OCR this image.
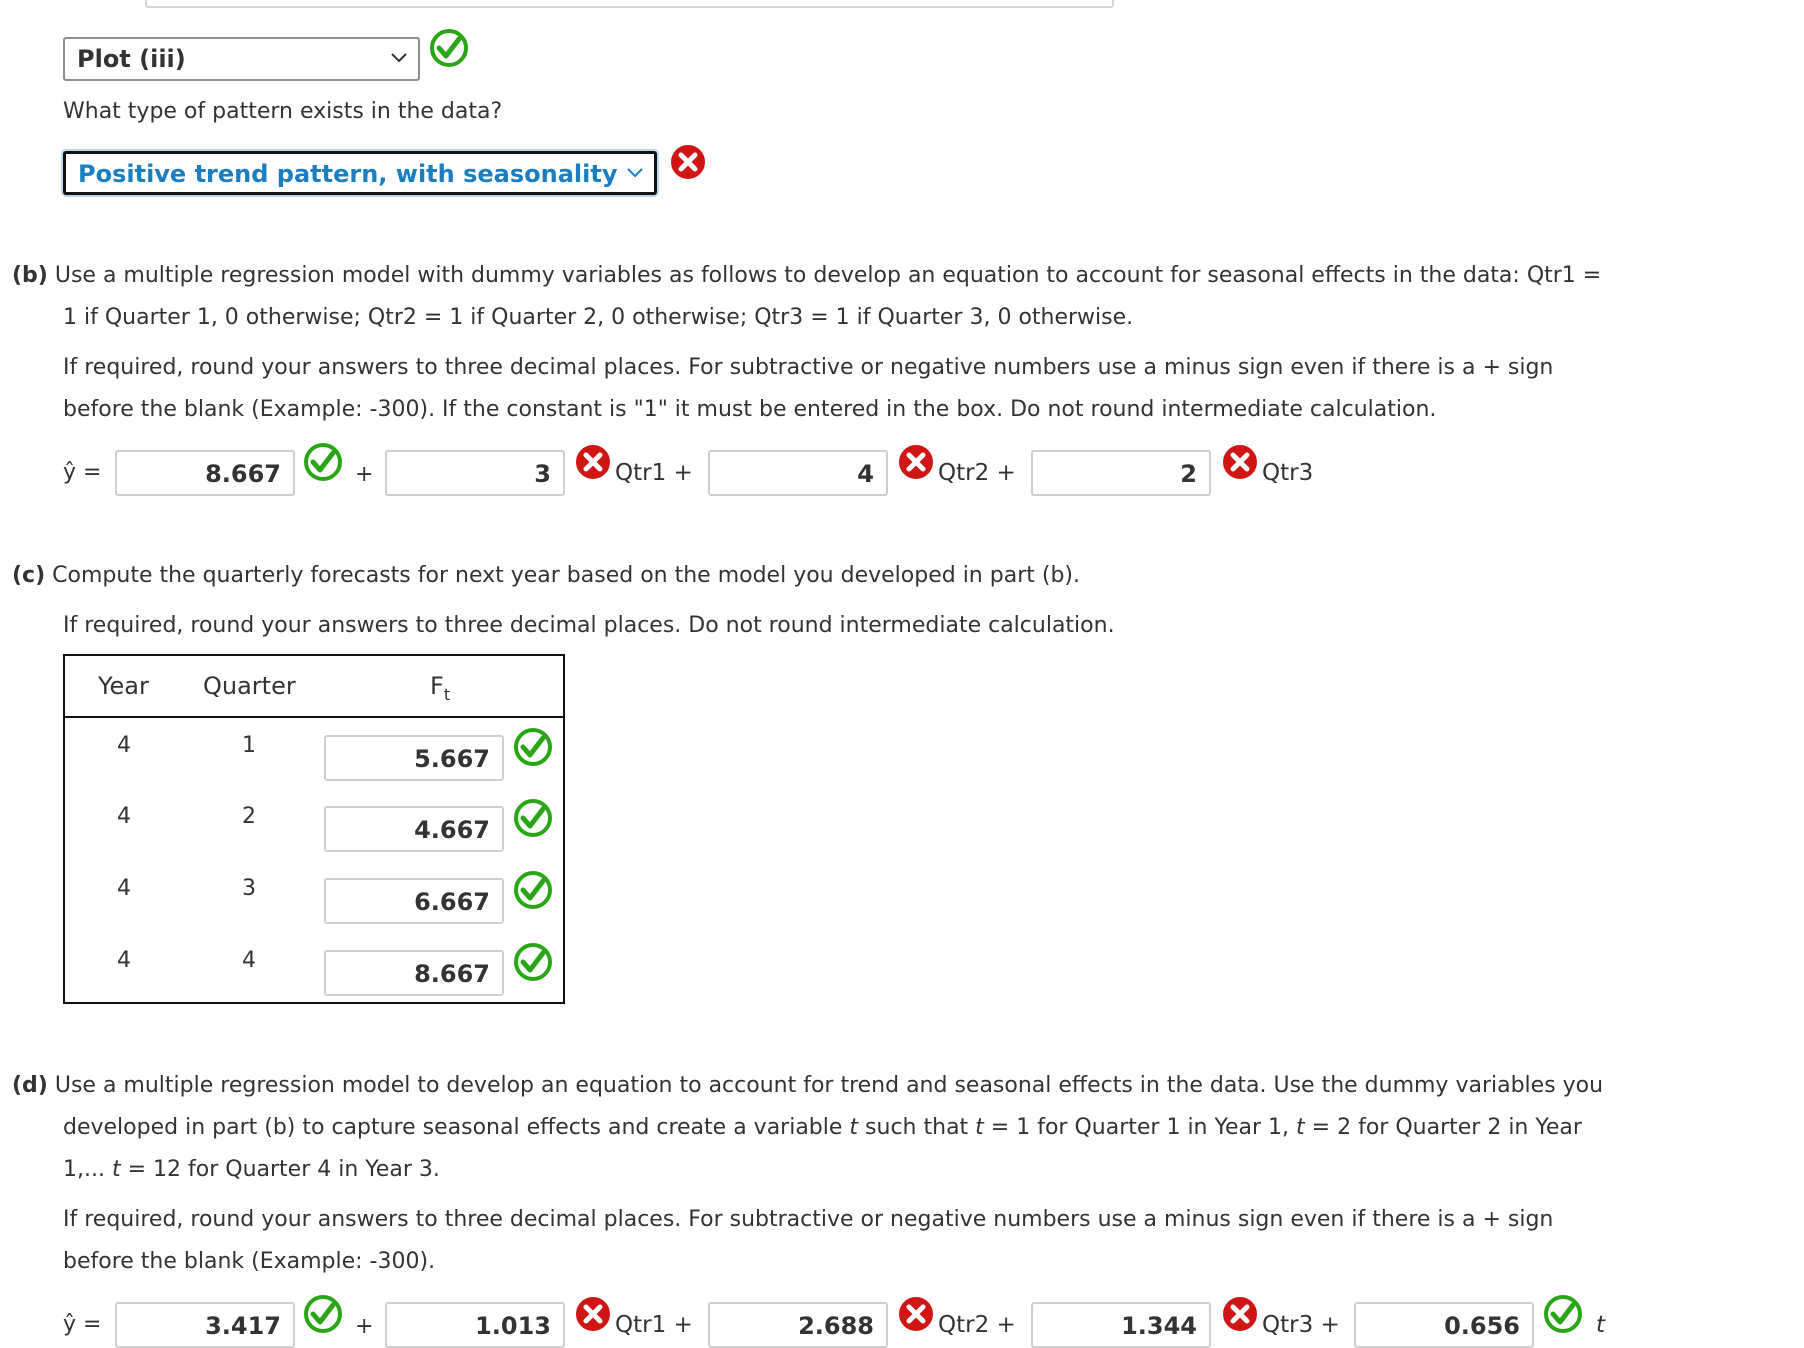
Plot (iii)
What type of pattern exists in the data?
Positive trend pattern, with seasonality
(b) Use a multiple regression model with dummy variables as follows to develop an equation to account for seasonal effects in the data: Qtr1 =
1 if Quarter 1, 0 otherwise; Qtr2 = 1 if Quarter 2, 0 otherwise; Qtr3 = 1 if Quarter 3, 0 otherwise.
If required, round your answers to three decimal places. For subtractive or negative numbers use a minus sign even if there is a + sign
before the blank (Example: -300). If the constant is "1" it must be entered in the box. Do not round intermediate calculation.
ŷ =	8.667	+	3	Qtr1 +	4	Qtr2 +	2	Qtr3
(c) Compute the quarterly forecasts for next year based on the model you developed in part (b).
If required, round your answers to three decimal places. Do not round intermediate calculation.
Year Quarter	$F_t$
4	1	5.667
4	2	4.667
4	3	6.667
4	4	8.667
(d) Use a multiple regression model to develop an equation to account for trend and seasonal effects in the data. Use the dummy variables you
developed in part (b) to capture seasonal effects and create a variable t such that t = 1 for Quarter 1 in Year 1, t = 2 for Quarter 2 in Year
1,... t = 12 for Quarter 4 in Year 3.
If required, round your answers to three decimal places. For subtractive or negative numbers use a minus sign even if there is a + sign
before the blank (Example: -300).
ŷ =	3.417	+	1.013	Qtr1 +	2.688	Qtr2 +	1.344	Qtr3 +	0.656	t
